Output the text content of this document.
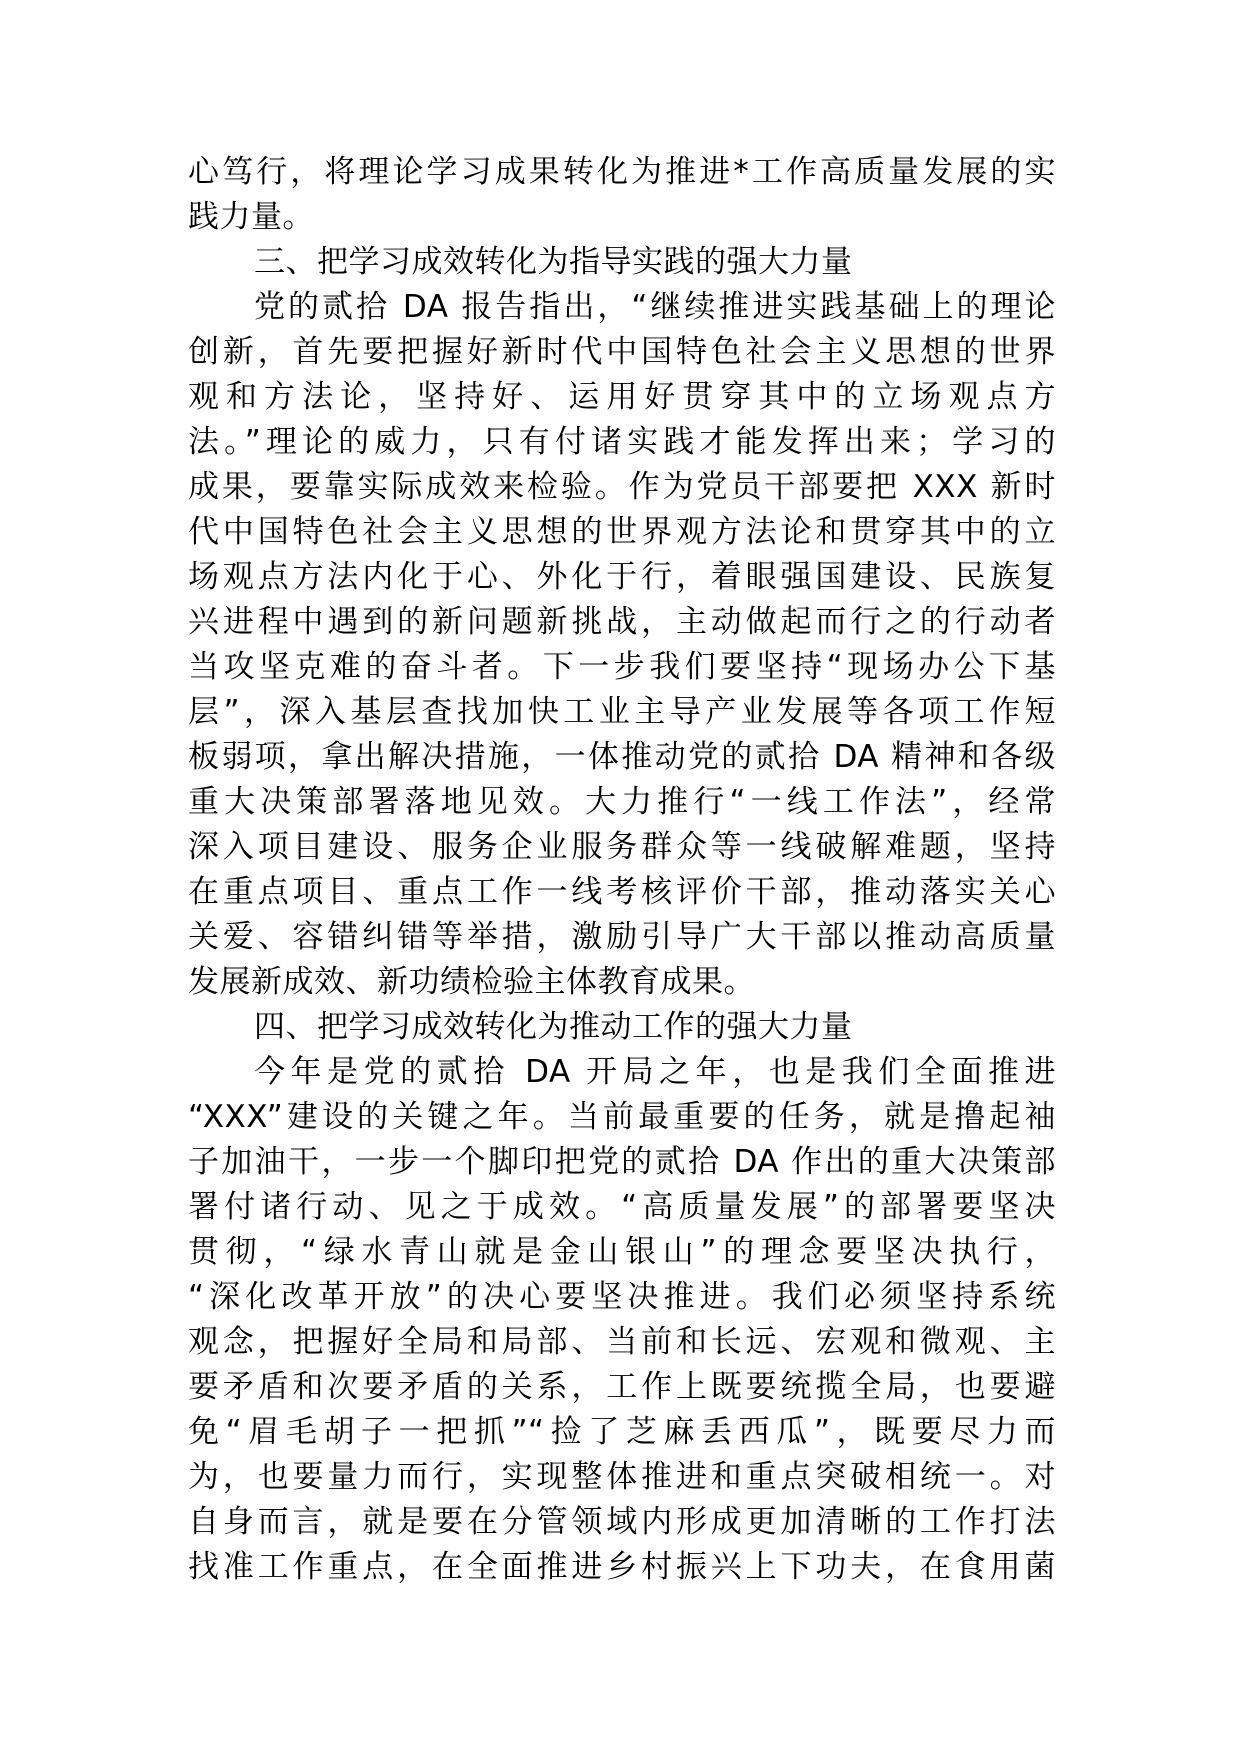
心笃行，将理论学习成果转化为推进*工作高质量发展的实
践力量。
三、把学习成效转化为指导实践的强大力量
党的贰拾 DA 报告指出，“继续推进实践基础上的理论
创新，首先要把握好新时代中国特色社会主义思想的世界
观和方法论，坚持好、运用好贯穿其中的立场观点方
法。”理论的威力，只有付诸实践才能发挥出来；学习的
成果，要靠实际成效来检验。作为党员干部要把 XXX 新时
代中国特色社会主义思想的世界观方法论和贯穿其中的立
场观点方法内化于心、外化于行，着眼强国建设、民族复
兴进程中遇到的新问题新挑战，主动做起而行之的行动者
当攻坚克难的奋斗者。下一步我们要坚持“现场办公下基
层”，深入基层查找加快工业主导产业发展等各项工作短
板弱项，拿出解决措施，一体推动党的贰拾 DA 精神和各级
重大决策部署落地见效。大力推行“一线工作法”，经常
深入项目建设、服务企业服务群众等一线破解难题，坚持
在重点项目、重点工作一线考核评价干部，推动落实关心
关爱、容错纠错等举措，激励引导广大干部以推动高质量
发展新成效、新功绩检验主体教育成果。
四、把学习成效转化为推动工作的强大力量
今年是党的贰拾 DA 开局之年，也是我们全面推进
“XXX”建设的关键之年。当前最重要的任务，就是撸起袖
子加油干，一步一个脚印把党的贰拾 DA 作出的重大决策部
署付诸行动、见之于成效。“高质量发展”的部署要坚决
贯彻，“绿水青山就是金山银山”的理念要坚决执行，
“深化改革开放”的决心要坚决推进。我们必须坚持系统
观念，把握好全局和局部、当前和长远、宏观和微观、主
要矛盾和次要矛盾的关系，工作上既要统揽全局，也要避
免“眉毛胡子一把抓”“捡了芝麻丢西瓜”，既要尽力而
为，也要量力而行，实现整体推进和重点突破相统一。对
自身而言，就是要在分管领域内形成更加清晰的工作打法
找准工作重点，在全面推进乡村振兴上下功夫，在食用菌
